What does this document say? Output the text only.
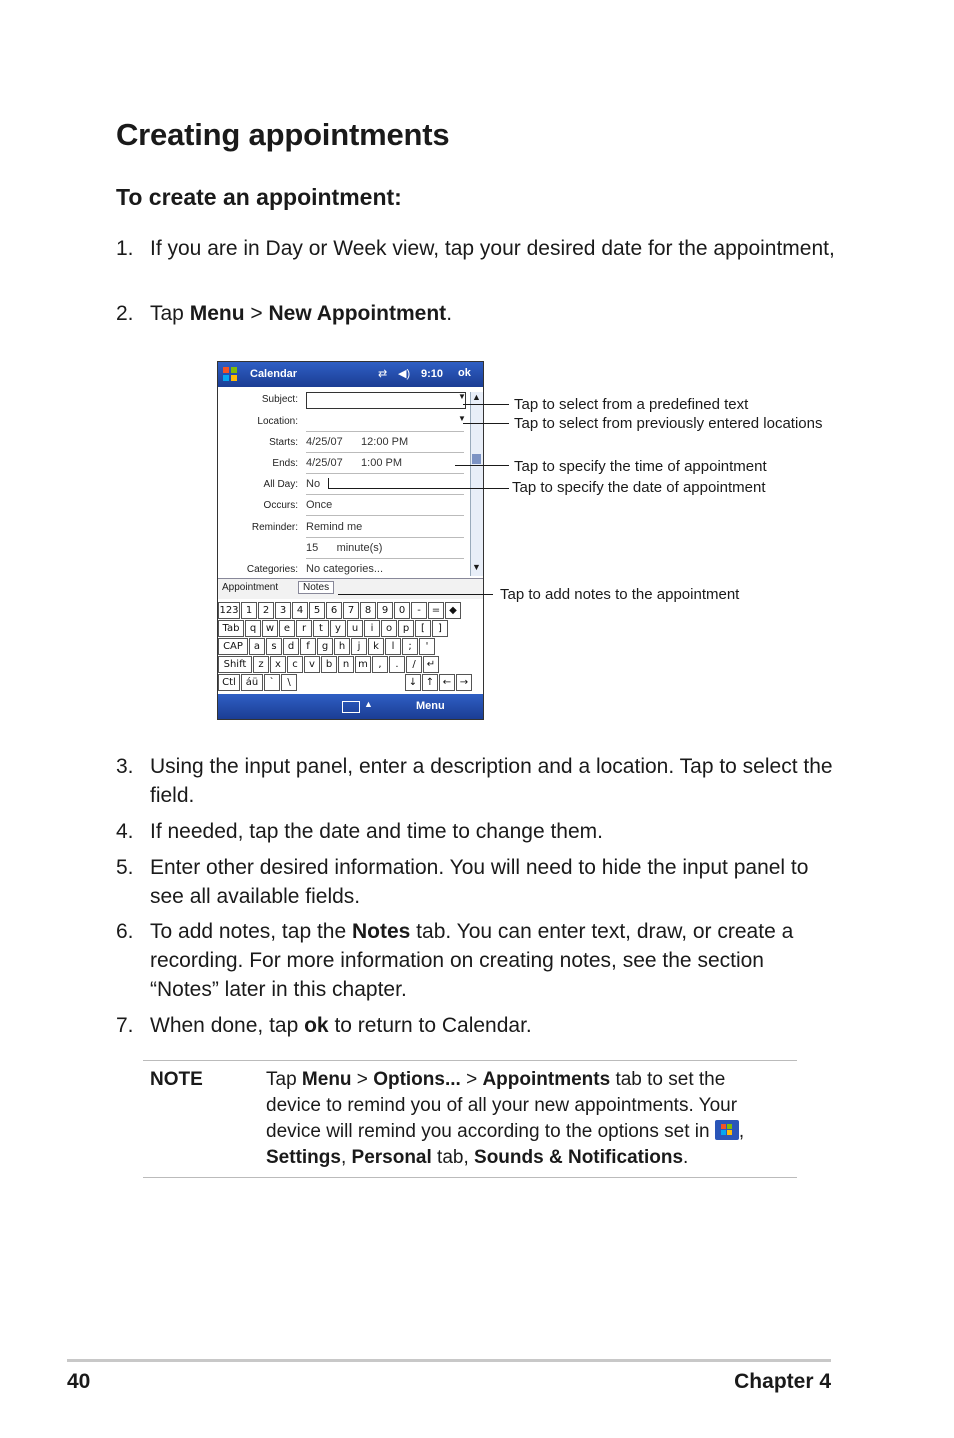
Creating appointments
To create an appointment:
1. If you are in Day or Week view, tap your desired date for the appointment,
2. Tap Menu > New Appointment.
Calendar	⇄ ◀) 9:10 ok
Subject:
Location:
Starts: 4/25/07      12:00 PM
Ends: 4/25/07      1:00 PM
All Day: No
Occurs: Once
Reminder: Remind me
15      minute(s)
Categories: No categories...
▼
▼
▲
▼
Appointment	Notes
123 1	2	3	4	5	6	7	8	9	0	-	= ◆
Tab	q w e	r	t	y	u	i	o	p	[	]
CAP	a	s	d	f	g	h	j	k	l	;	'
Shift	z	x	c	v	b	n m	,	.	/	↵
Ctl áü	`	\	↓ ↑ ← →
▲	Menu
Tap to select from a predefined text
Tap to select from previously entered locations
Tap to specify the time of appointment
Tap to specify the date of appointment
Tap to add notes to the appointment
3. Using the input panel, enter a description and a location. Tap to select the field.
4. If needed, tap the date and time to change them.
5. Enter other desired information. You will need to hide the input panel to see all available fields.
6. To add notes, tap the Notes tab. You can enter text, draw, or create a recording. For more information on creating notes, see the section “Notes” later in this chapter.
7. When done, tap ok to return to Calendar.
NOTE	Tap Menu > Options... > Appointments tab to set the device to remind you of all your new appointments. Your device will remind you according to the options set in , Settings, Personal tab, Sounds & Notifications.
40	Chapter 4
